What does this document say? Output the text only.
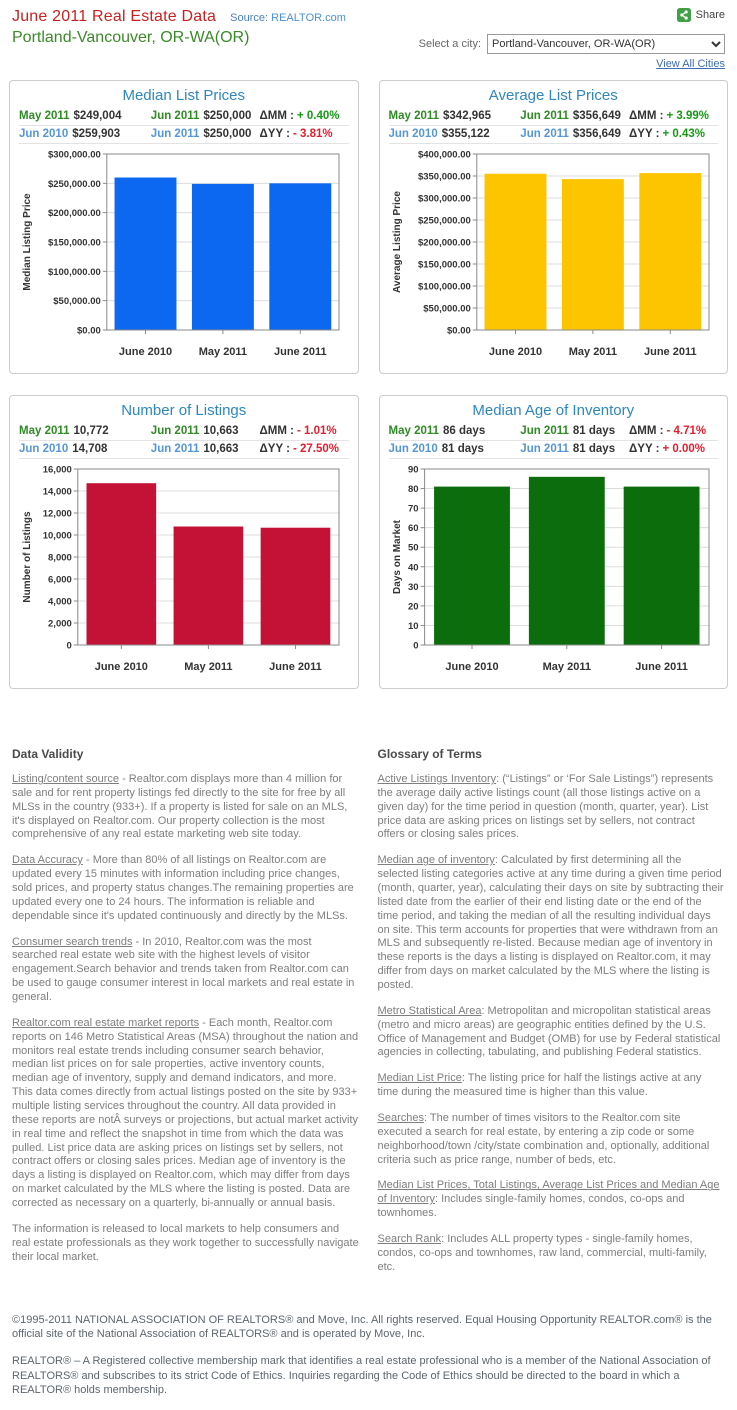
June 2011 Real Estate Data Source: REALTOR.com
Portland-Vancouver, OR-WA(OR)
Share
Select a city:
Portland-Vancouver, OR-WA(OR)
View All Cities
Median List Prices
May 2011 $249,004	Jun 2011 $250,000 ΔMM : + 0.40%
Jun 2010 $259,903	Jun 2011 $250,000 ΔYY : - 3.81%
$0.00
$50,000.00
$100,000.00
$150,000.00
$200,000.00
$250,000.00
$300,000.00
June 2010 May 2011 June 2011
Median Listing Price
Average List Prices
May 2011 $342,965	Jun 2011 $356,649 ΔMM : + 3.99%
Jun 2010 $355,122	Jun 2011 $356,649 ΔYY : + 0.43%
$0.00
$50,000.00
$100,000.00
$150,000.00
$200,000.00
$250,000.00
$300,000.00
$350,000.00
$400,000.00
June 2010 May 2011 June 2011
Average Listing Price
Number of Listings
May 2011 10,772	Jun 2011 10,663	ΔMM : - 1.01%
Jun 2010 14,708	Jun 2011 10,663	ΔYY : - 27.50%
0
2,000
4,000
6,000
8,000
10,000
12,000
14,000
16,000
June 2010	May 2011	June 2011
Number of Listings
Median Age of Inventory
May 2011 86 days	Jun 2011 81 days	ΔMM : - 4.71%
Jun 2010 81 days	Jun 2011 81 days	ΔYY : + 0.00%
0
10
20
30
40
50
60
70
80
90
June 2010	May 2011	June 2011
Days on Market
Data Validity

Listing/content source - Realtor.com displays more than 4 million for sale and for rent property listings fed directly to the site for free by all MLSs in the country (933+). If a property is listed for sale on an MLS, it's displayed on Realtor.com. Our property collection is the most comprehensive of any real estate marketing web site today.

Data Accuracy - More than 80% of all listings on Realtor.com are updated every 15 minutes with information including price changes, sold prices, and property status changes.The remaining properties are updated every one to 24 hours. The information is reliable and dependable since it's updated continuously and directly by the MLSs.

Consumer search trends - In 2010, Realtor.com was the most searched real estate web site with the highest levels of visitor engagement.Search behavior and trends taken from Realtor.com can be used to gauge consumer interest in local markets and real estate in general.

Realtor.com real estate market reports - Each month, Realtor.com reports on 146 Metro Statistical Areas (MSA) throughout the nation and monitors real estate trends including consumer search behavior, median list prices on for sale properties, active inventory counts, median age of inventory, supply and demand indicators, and more. This data comes directly from actual listings posted on the site by 933+ multiple listing services throughout the country. All data provided in these reports are notÂ surveys or projections, but actual market activity in real time and reflect the snapshot in time from which the data was pulled. List price data are asking prices on listings set by sellers, not contract offers or closing sales prices. Median age of inventory is the days a listing is displayed on Realtor.com, which may differ from days on market calculated by the MLS where the listing is posted. Data are corrected as necessary on a quarterly, bi-annually or annual basis.

The information is released to local markets to help consumers and real estate professionals as they work together to successfully navigate their local market.

Glossary of Terms

Active Listings Inventory: (“Listings” or ‘For Sale Listings”) represents the average daily active listings count (all those listings active on a given day) for the time period in question (month, quarter, year). List price data are asking prices on listings set by sellers, not contract offers or closing sales prices.

Median age of inventory: Calculated by first determining all the selected listing categories active at any time during a given time period (month, quarter, year), calculating their days on site by subtracting their listed date from the earlier of their end listing date or the end of the time period, and taking the median of all the resulting individual days on site. This term accounts for properties that were withdrawn from an MLS and subsequently re-listed. Because median age of inventory in these reports is the days a listing is displayed on Realtor.com, it may differ from days on market calculated by the MLS where the listing is posted.

Metro Statistical Area: Metropolitan and micropolitan statistical areas (metro and micro areas) are geographic entities defined by the U.S. Office of Management and Budget (OMB) for use by Federal statistical agencies in collecting, tabulating, and publishing Federal statistics.

Median List Price: The listing price for half the listings active at any time during the measured time is higher than this value.

Searches: The number of times visitors to the Realtor.com site executed a search for real estate, by entering a zip code or some neighborhood/town /city/state combination and, optionally, additional criteria such as price range, number of beds, etc.

Median List Prices, Total Listings, Average List Prices and Median Age of Inventory: Includes single-family homes, condos, co-ops and townhomes.

Search Rank: Includes ALL property types - single-family homes, condos, co-ops and townhomes, raw land, commercial, multi-family, etc.

©1995-2011 NATIONAL ASSOCIATION OF REALTORS® and Move, Inc. All rights reserved. Equal Housing Opportunity REALTOR.com® is the official site of the National Association of REALTORS® and is operated by Move, Inc.

REALTOR® – A Registered collective membership mark that identifies a real estate professional who is a member of the National Association of REALTORS® and subscribes to its strict Code of Ethics. Inquiries regarding the Code of Ethics should be directed to the board in which a REALTOR® holds membership.
